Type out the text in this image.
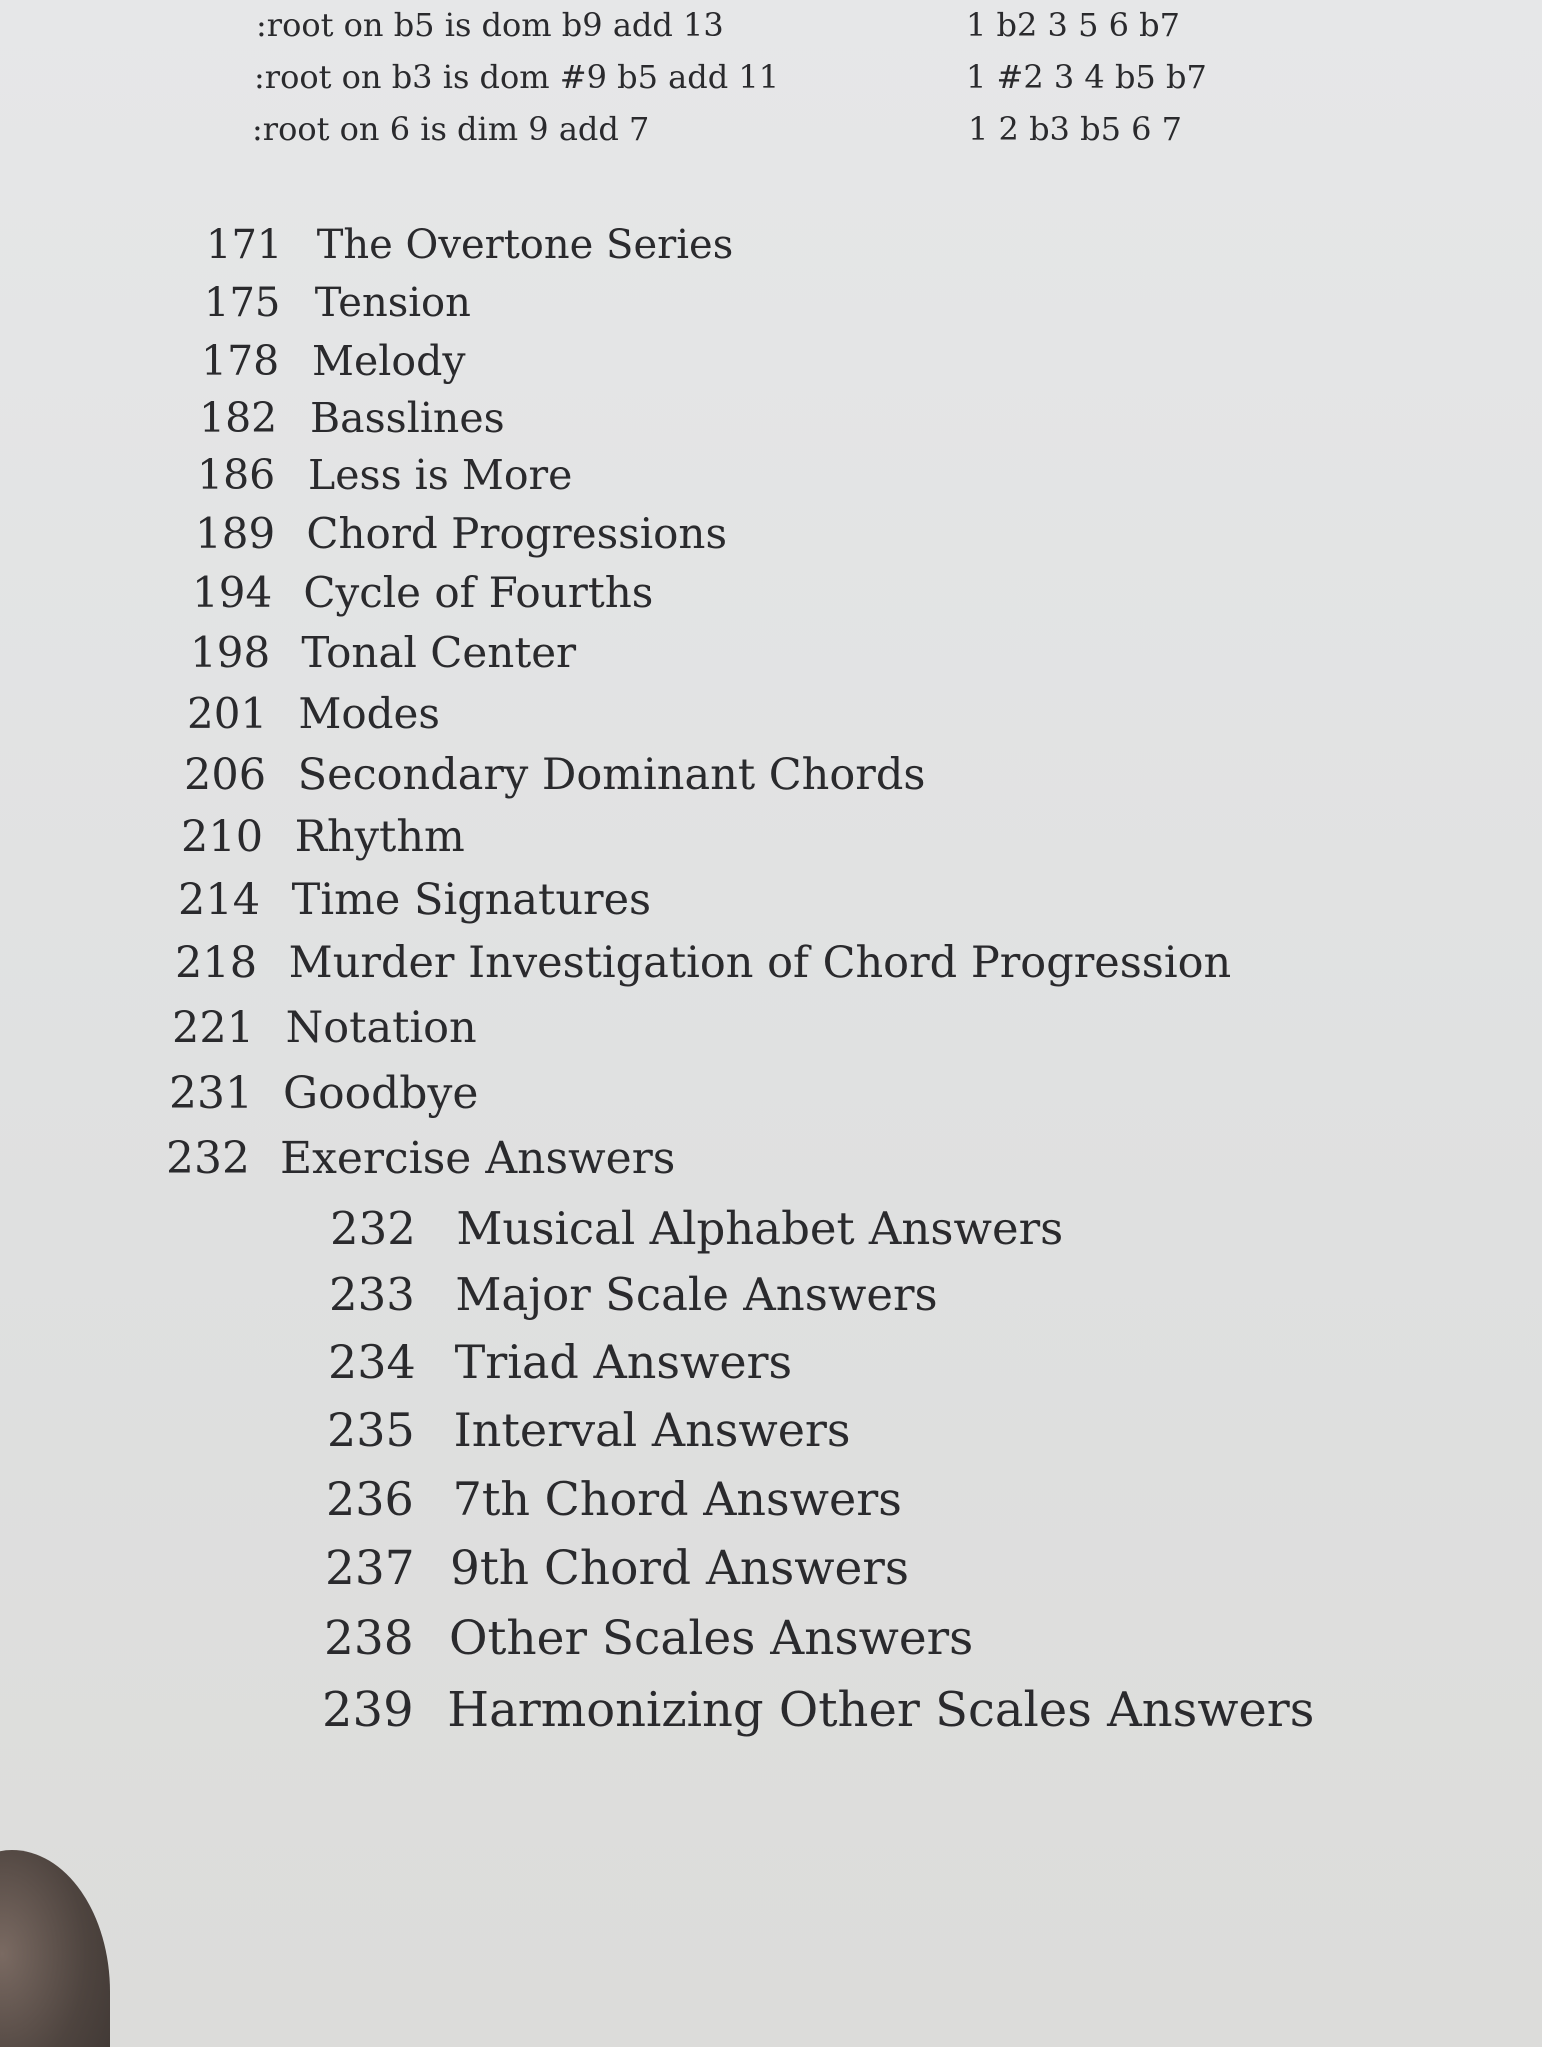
:root on b5 is dom b9 add 13	1 b2 3 5 6 b7
:root on b3 is dom #9 b5 add 11	1 #2 3 4 b5 b7
:root on 6 is dim 9 add 7	1 2 b3 b5 6 7
171 The Overtone Series
175 Tension
178 Melody
182 Basslines
186 Less is More
189 Chord Progressions
194 Cycle of Fourths
198 Tonal Center
201 Modes
206 Secondary Dominant Chords
210 Rhythm
214 Time Signatures
218 Murder Investigation of Chord Progression
221 Notation
231 Goodbye
232 Exercise Answers
232 Musical Alphabet Answers
233 Major Scale Answers
234 Triad Answers
235 Interval Answers
236 7th Chord Answers
237 9th Chord Answers
238 Other Scales Answers
239 Harmonizing Other Scales Answers
